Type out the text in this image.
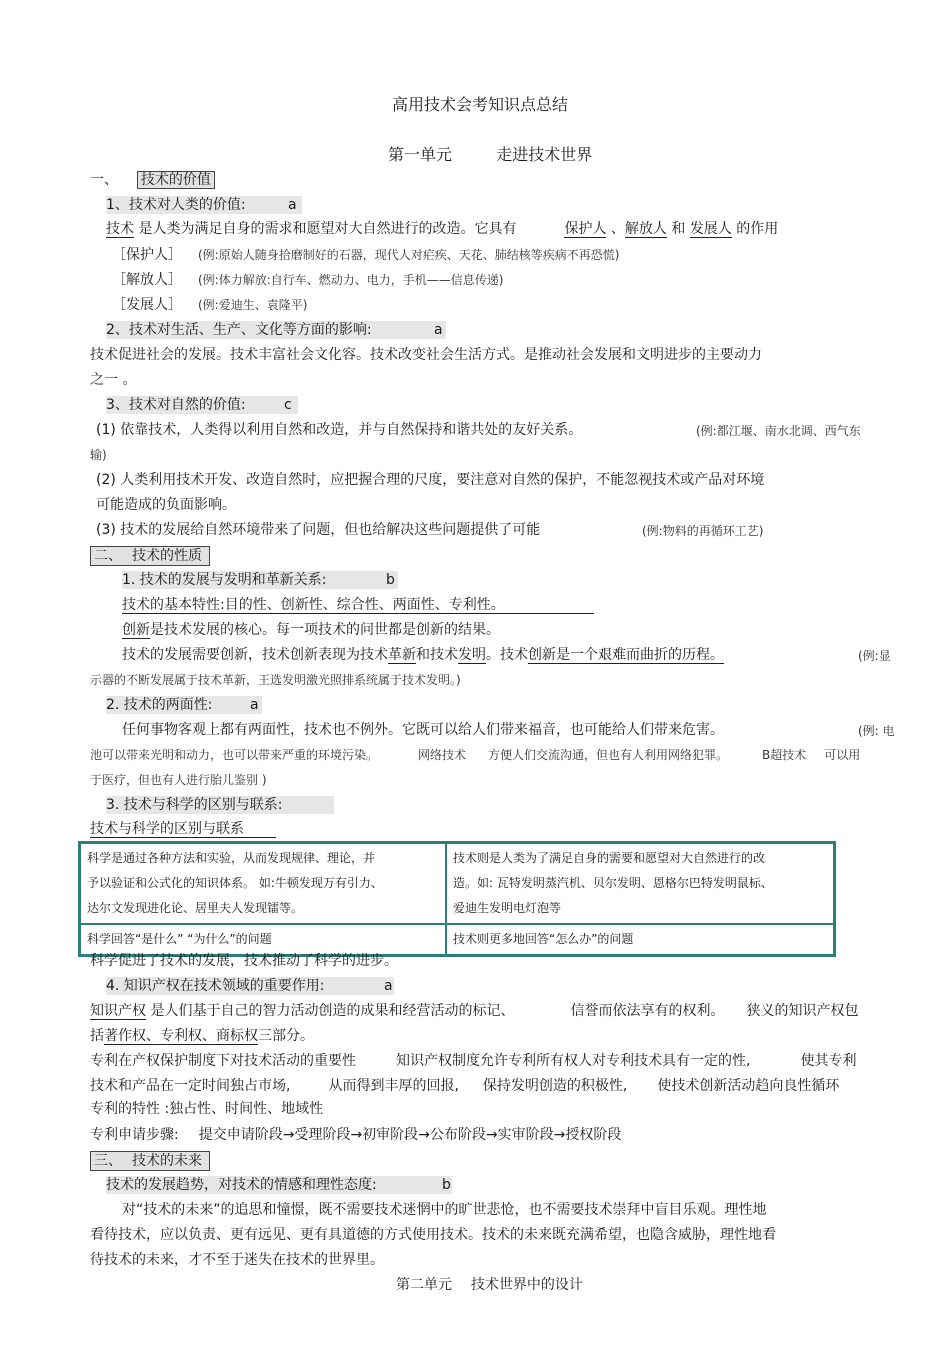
高用技术会考知识点总结
第一单元	走进技术世界
一、 技术的价值
1、技术对人类的价值:	a
技术 是人类为满足自身的需求和愿望对大自然进行的改造。它具有	保护人 、解放人 和 发展人 的作用
［保护人］ (例:原始人随身拾磨制好的石器，现代人对疟疾、天花、肺结核等疾病不再恐慌)
［解放人］ (例:体力解放:自行车、燃动力、电力，手机——信息传递)
［发展人］ (例:爱迪生、袁隆平)
2、技术对生活、生产、文化等方面的影响:	a
技术促进社会的发展。技术丰富社会文化容。技术改变社会生活方式。是推动社会发展和文明进步的主要动力
之一 。
3、技术对自然的价值:	c
(1) 依靠技术，人类得以利用自然和改造，并与自然保持和谐共处的友好关系。	(例:都江堰、南水北调、西气东
输)
(2) 人类利用技术开发、改造自然时，应把握合理的尺度，要注意对自然的保护，不能忽视技术或产品对环境
可能造成的负面影响。
(3) 技术的发展给自然环境带来了问题，但也给解决这些问题提供了可能	(例:物料的再循环工艺)
二、 技术的性质
1. 技术的发展与发明和革新关系:	b
技术的基本特性:目的性、创新性、综合性、两面性、专利性。
创新是技术发展的核心。每一项技术的问世都是创新的结果。
技术的发展需要创新，技术创新表现为技术革新和技术发明。技术创新是一个艰难而曲折的历程。	(例:显
示器的不断发展属于技术革新，王选发明激光照排系统属于技术发明。)
2. 技术的两面性:	a
任何事物客观上都有两面性，技术也不例外。它既可以给人们带来福音，也可能给人们带来危害。	(例: 电
池可以带来光明和动力，也可以带来严重的环境污染。	网络技术 方便人们交流沟通，但也有人利用网络犯罪。	B超技术 可以用
于医疗，但也有人进行胎儿鉴别 )
3. 技术与科学的区别与联系:
技术与科学的区别与联系
科学是通过各种方法和实验，从而发现规律、理论，并
予以验证和公式化的知识体系。 如:牛顿发现万有引力、
达尔文发现进化论、居里夫人发现镭等。	技术则是人类为了满足自身的需要和愿望对大自然进行的改
造。如: 瓦特发明蒸汽机、贝尔发明、恩格尔巴特发明鼠标、
爱迪生发明电灯泡等

科学回答“是什么” “为什么”的问题	技术则更多地回答“怎么办”的问题
科学促进了技术的发展，技术推动了科学的进步。
4. 知识产权在技术领域的重要作用:	a
知识产权 是人们基于自己的智力活动创造的成果和经营活动的标记、	信誉而依法享有的权利。 狭义的知识产权包
括著作权、专利权、商标权三部分。
专利在产权保护制度下对技术活动的重要性	知识产权制度允许专利所有权人对专利技术具有一定的性,	使其专利
技术和产品在一定时间独占市场,	从而得到丰厚的回报, 保持发明创造的积极性, 使技术创新活动趋向良性循环
专利的特性 :独占性、时间性、地域性
专利申请步骤: 提交申请阶段→受理阶段→初审阶段→公布阶段→实审阶段→授权阶段
三、 技术的未来
技术的发展趋势，对技术的情感和理性态度:	b
对“技术的未来”的追思和憧憬，既不需要技术迷惘中的旷世悲怆，也不需要技术崇拜中盲目乐观。理性地
看待技术，应以负责、更有远见、更有具道德的方式使用技术。技术的未来既充满希望，也隐含威胁，理性地看
待技术的未来，才不至于迷失在技术的世界里。
第二单元 技术世界中的设计
